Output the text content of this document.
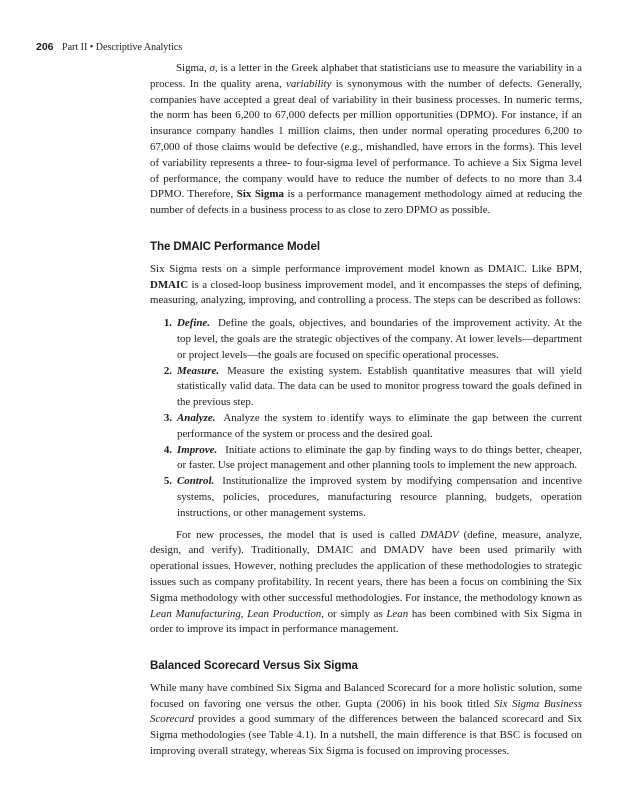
206 Part II • Descriptive Analytics

Sigma, σ, is a letter in the Greek alphabet that statisticians use to measure the variability in a process. In the quality arena, variability is synonymous with the number of defects. Generally, companies have accepted a great deal of variability in their business processes. In numeric terms, the norm has been 6,200 to 67,000 defects per million opportunities (DPMO). For instance, if an insurance company handles 1 million claims, then under normal operating procedures 6,200 to 67,000 of those claims would be defective (e.g., mishandled, have errors in the forms). This level of variability represents a three- to four-sigma level of performance. To achieve a Six Sigma level of performance, the company would have to reduce the number of defects to no more than 3.4 DPMO. Therefore, Six Sigma is a performance management methodology aimed at reducing the number of defects in a business process to as close to zero DPMO as possible.

The DMAIC Performance Model

Six Sigma rests on a simple performance improvement model known as DMAIC. Like BPM, DMAIC is a closed-loop business improvement model, and it encompasses the steps of defining, measuring, analyzing, improving, and controlling a process. The steps can be described as follows:

1. Define. Define the goals, objectives, and boundaries of the improvement activity. At the top level, the goals are the strategic objectives of the company. At lower levels—department or project levels—the goals are focused on specific operational processes.
2. Measure. Measure the existing system. Establish quantitative measures that will yield statistically valid data. The data can be used to monitor progress toward the goals defined in the previous step.
3. Analyze. Analyze the system to identify ways to eliminate the gap between the current performance of the system or process and the desired goal.
4. Improve. Initiate actions to eliminate the gap by finding ways to do things better, cheaper, or faster. Use project management and other planning tools to implement the new approach.
5. Control. Institutionalize the improved system by modifying compensation and incentive systems, policies, procedures, manufacturing resource planning, budgets, operation instructions, or other management systems.

For new processes, the model that is used is called DMADV (define, measure, analyze, design, and verify). Traditionally, DMAIC and DMADV have been used primarily with operational issues. However, nothing precludes the application of these methodologies to strategic issues such as company profitability. In recent years, there has been a focus on combining the Six Sigma methodology with other successful methodologies. For instance, the methodology known as Lean Manufacturing, Lean Production, or simply as Lean has been combined with Six Sigma in order to improve its impact in performance management.

Balanced Scorecard Versus Six Sigma

While many have combined Six Sigma and Balanced Scorecard for a more holistic solution, some focused on favoring one versus the other. Gupta (2006) in his book titled Six Sigma Business Scorecard provides a good summary of the differences between the balanced scorecard and Six Sigma methodologies (see Table 4.1). In a nutshell, the main difference is that BSC is focused on improving overall strategy, whereas Six Sigma is focused on improving processes.
